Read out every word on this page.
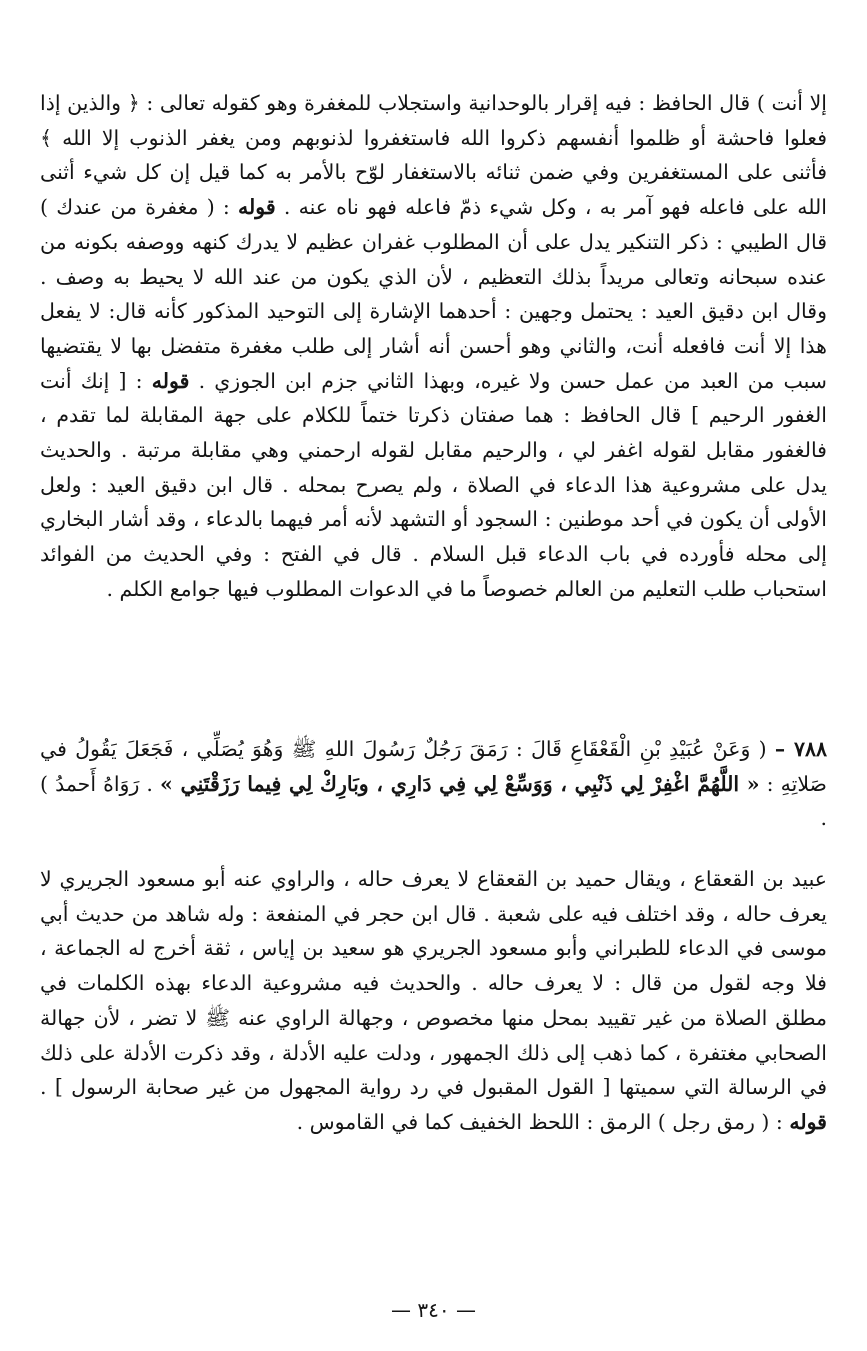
إلا أنت ) قال الحافظ : فيه إقرار بالوحدانية واستجلاب للمغفرة وهو كقوله تعالى : ﴿ والذين إذا فعلوا فاحشة أو ظلموا أنفسهم ذكروا الله فاستغفروا لذنوبهم ومن يغفر الذنوب إلا الله ﴾ فأثنى على المستغفرين وفي ضمن ثنائه بالاستغفار لوّح بالأمر به كما قيل إن كل شيء أثنى الله على فاعله فهو آمر به ، وكل شيء ذمّ فاعله فهو ناه عنه . قوله : ( مغفرة من عندك ) قال الطيبي : ذكر التنكير يدل على أن المطلوب غفران عظيم لا يدرك كنهه ووصفه بكونه من عنده سبحانه وتعالى مريداً بذلك التعظيم ، لأن الذي يكون من عند الله لا يحيط به وصف . وقال ابن دقيق العيد : يحتمل وجهين : أحدهما الإشارة إلى التوحيد المذكور كأنه قال: لا يفعل هذا إلا أنت فافعله أنت، والثاني وهو أحسن أنه أشار إلى طلب مغفرة متفضل بها لا يقتضيها سبب من العبد من عمل حسن ولا غيره، وبهذا الثاني جزم ابن الجوزي . قوله : [ إنك أنت الغفور الرحيم ] قال الحافظ : هما صفتان ذكرتا ختماً للكلام على جهة المقابلة لما تقدم ، فالغفور مقابل لقوله اغفر لي ، والرحيم مقابل لقوله ارحمني وهي مقابلة مرتبة . والحديث يدل على مشروعية هذا الدعاء في الصلاة ، ولم يصرح بمحله . قال ابن دقيق العيد : ولعل الأولى أن يكون في أحد موطنين : السجود أو التشهد لأنه أمر فيهما بالدعاء ، وقد أشار البخاري إلى محله فأورده في باب الدعاء قبل السلام . قال في الفتح : وفي الحديث من الفوائد استحباب طلب التعليم من العالم خصوصاً ما في الدعوات المطلوب فيها جوامع الكلم .

٧٨٨ – ( وَعَنْ عُبَيْدِ بْنِ الْقَعْقَاعِ قَالَ : رَمَقَ رَجُلٌ رَسُولَ اللهِ ﷺ وَهُوَ يُصَلِّي ، فَجَعَلَ يَقُولُ في صَلاتِهِ : « اللَّهُمَّ اغْفِرْ لِي ذَنْبِي ، وَوَسِّعْ لِي فِي دَارِي ، وبَارِكْ لِي فِيما رَزَقْتَنِي » . رَوَاهُ أَحمدُ ) .

عبيد بن القعقاع ، ويقال حميد بن القعقاع لا يعرف حاله ، والراوي عنه أبو مسعود الجريري لا يعرف حاله ، وقد اختلف فيه على شعبة . قال ابن حجر في المنفعة : وله شاهد من حديث أبي موسى في الدعاء للطبراني وأبو مسعود الجريري هو سعيد بن إياس ، ثقة أخرج له الجماعة ، فلا وجه لقول من قال : لا يعرف حاله . والحديث فيه مشروعية الدعاء بهذه الكلمات في مطلق الصلاة من غير تقييد بمحل منها مخصوص ، وجهالة الراوي عنه ﷺ لا تضر ، لأن جهالة الصحابي مغتفرة ، كما ذهب إلى ذلك الجمهور ، ودلت عليه الأدلة ، وقد ذكرت الأدلة على ذلك في الرسالة التي سميتها [ القول المقبول في رد رواية المجهول من غير صحابة الرسول ] . قوله : ( رمق رجل ) الرمق : اللحظ الخفيف كما في القاموس .

— ٣٤٠ —
